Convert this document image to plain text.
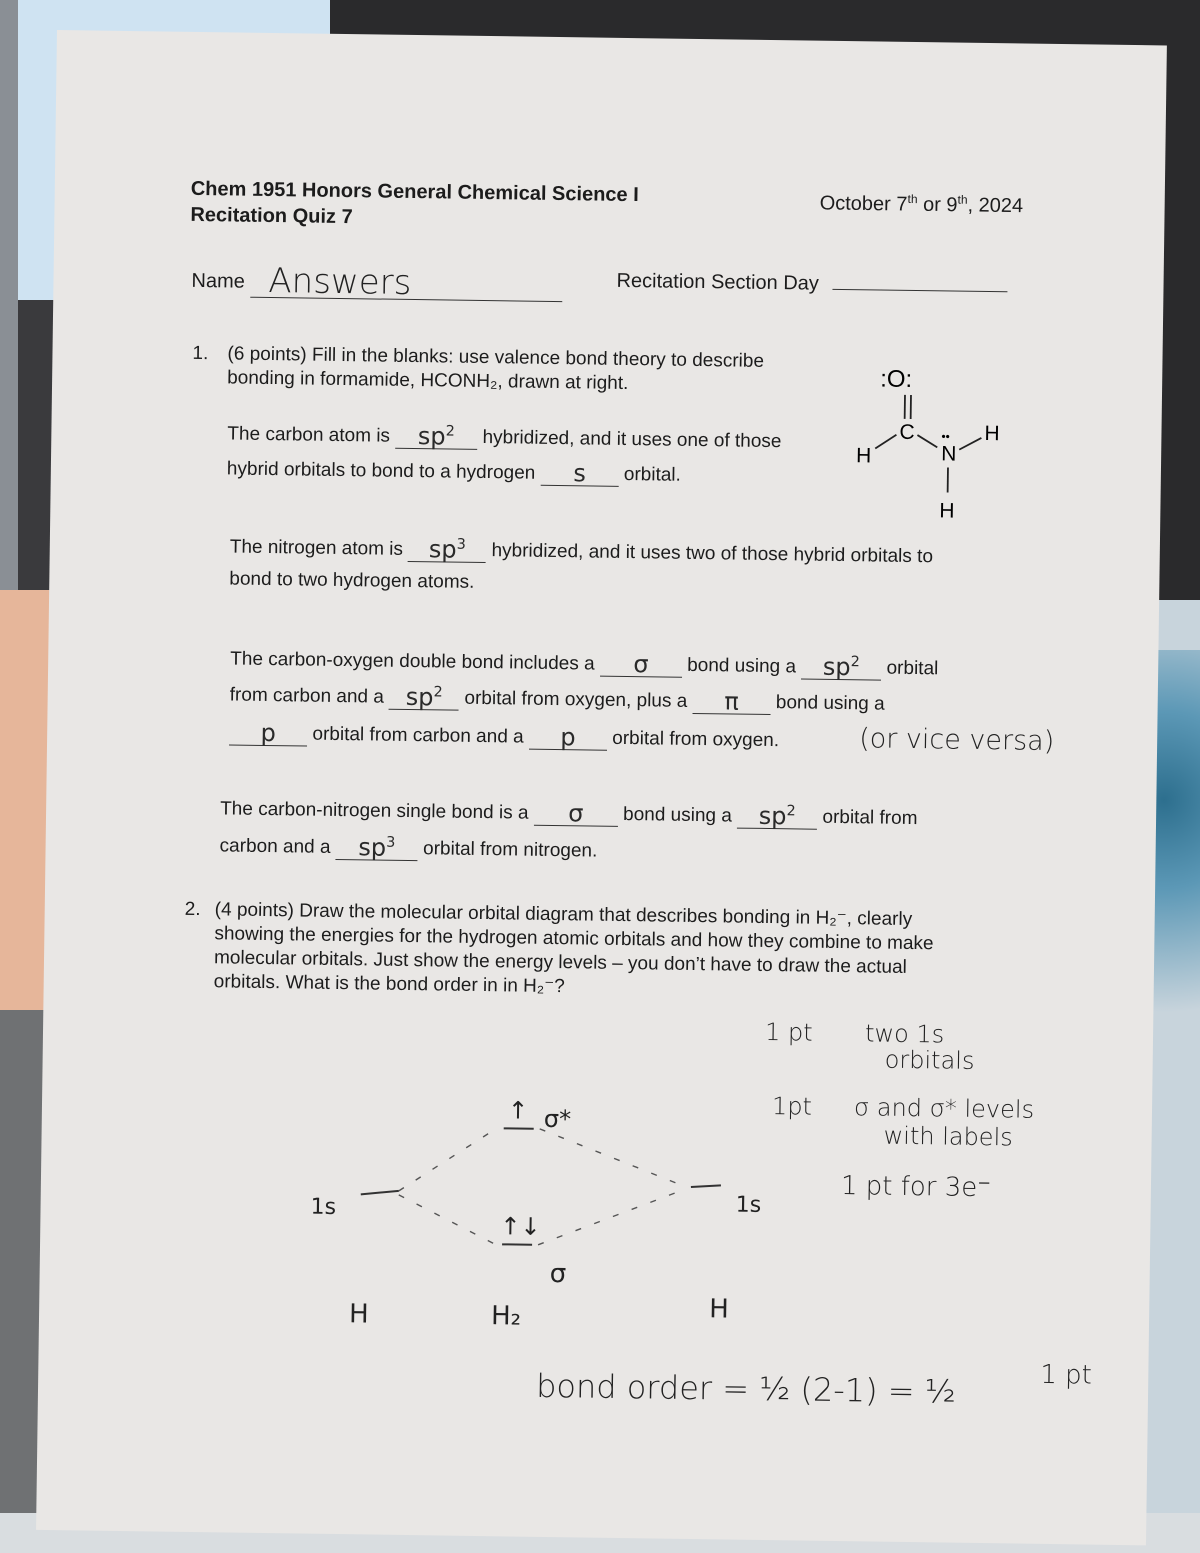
Chem 1951 Honors General Chemical Science I
Recitation Quiz 7	October 7th or 9th, 2024
Name Answers	Recitation Section Day
1. (6 points) Fill in the blanks: use valence bond theory to describe
bonding in formamide, HCONH₂, drawn at right.
The carbon atom is $sp^2$ hybridized, and it uses one of those
hybrid orbitals to bond to a hydrogen s orbital.
The nitrogen atom is $sp^3$ hybridized, and it uses two of those hybrid orbitals to
bond to two hydrogen atoms.
The carbon-oxygen double bond includes a σ bond using a $sp^2$ orbital
from carbon and a $sp^2$ orbital from oxygen, plus a π bond using a
p orbital from carbon and a p orbital from oxygen.	(or vice versa)
The carbon-nitrogen single bond is a σ bond using a $sp^2$ orbital from
carbon and a $sp^3$ orbital from nitrogen.
:O:
C
H
••
N
H
H
2. (4 points) Draw the molecular orbital diagram that describes bonding in H₂⁻, clearly
showing the energies for the hydrogen atomic orbitals and how they combine to make
molecular orbitals. Just show the energy levels – you don’t have to draw the actual
orbitals. What is the bond order in in H₂⁻?
1s	1s
↑
↑↓
σ*
σ
H	H₂	H
1 pt two 1s
orbitals
1pt σ and σ* levels
with labels
1 pt for 3e⁻
bond order = ½ (2-1) = ½	1 pt
